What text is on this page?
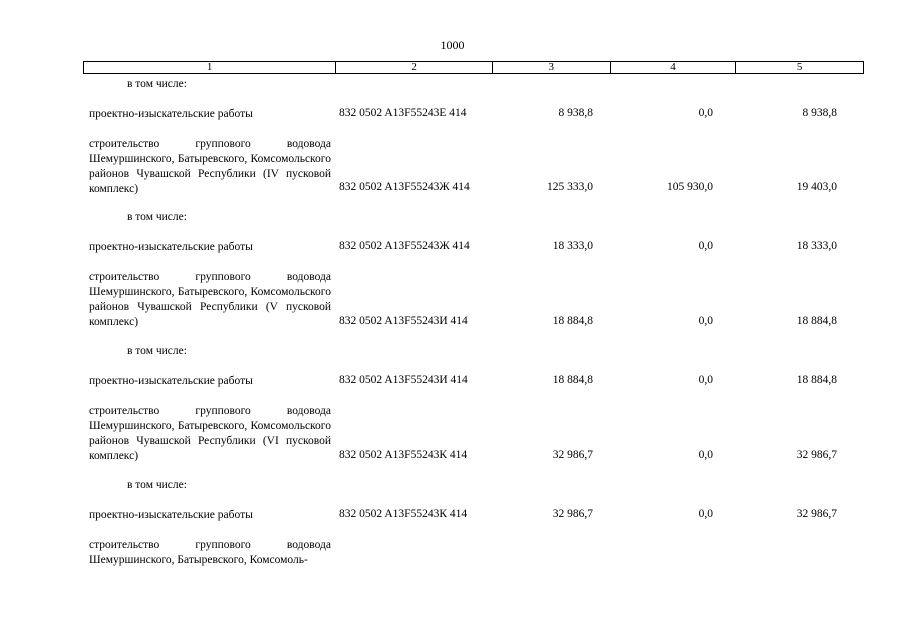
1000
1	2	3	4	5
в том числе:
проектно-изыскательские работы	832 0502 A13F55243Е 414	8 938,8	0,0	8 938,8
строительство группового водовода Шемуршинского, Батыревского, Комсомольского районов Чувашской Республики (IV пусковой комплекс)	832 0502 A13F55243Ж 414	125 333,0	105 930,0	19 403,0
в том числе:
проектно-изыскательские работы	832 0502 A13F55243Ж 414	18 333,0	0,0	18 333,0
строительство группового водовода Шемуршинского, Батыревского, Комсомольского районов Чувашской Республики (V пусковой комплекс)	832 0502 A13F55243И 414	18 884,8	0,0	18 884,8
в том числе:
проектно-изыскательские работы	832 0502 A13F55243И 414	18 884,8	0,0	18 884,8
строительство группового водовода Шемуршинского, Батыревского, Комсомольского районов Чувашской Республики (VI пусковой комплекс)	832 0502 A13F55243К 414	32 986,7	0,0	32 986,7
в том числе:
проектно-изыскательские работы	832 0502 A13F55243К 414	32 986,7	0,0	32 986,7
строительство группового водовода Шемуршинского, Батыревского, Комсомоль-
